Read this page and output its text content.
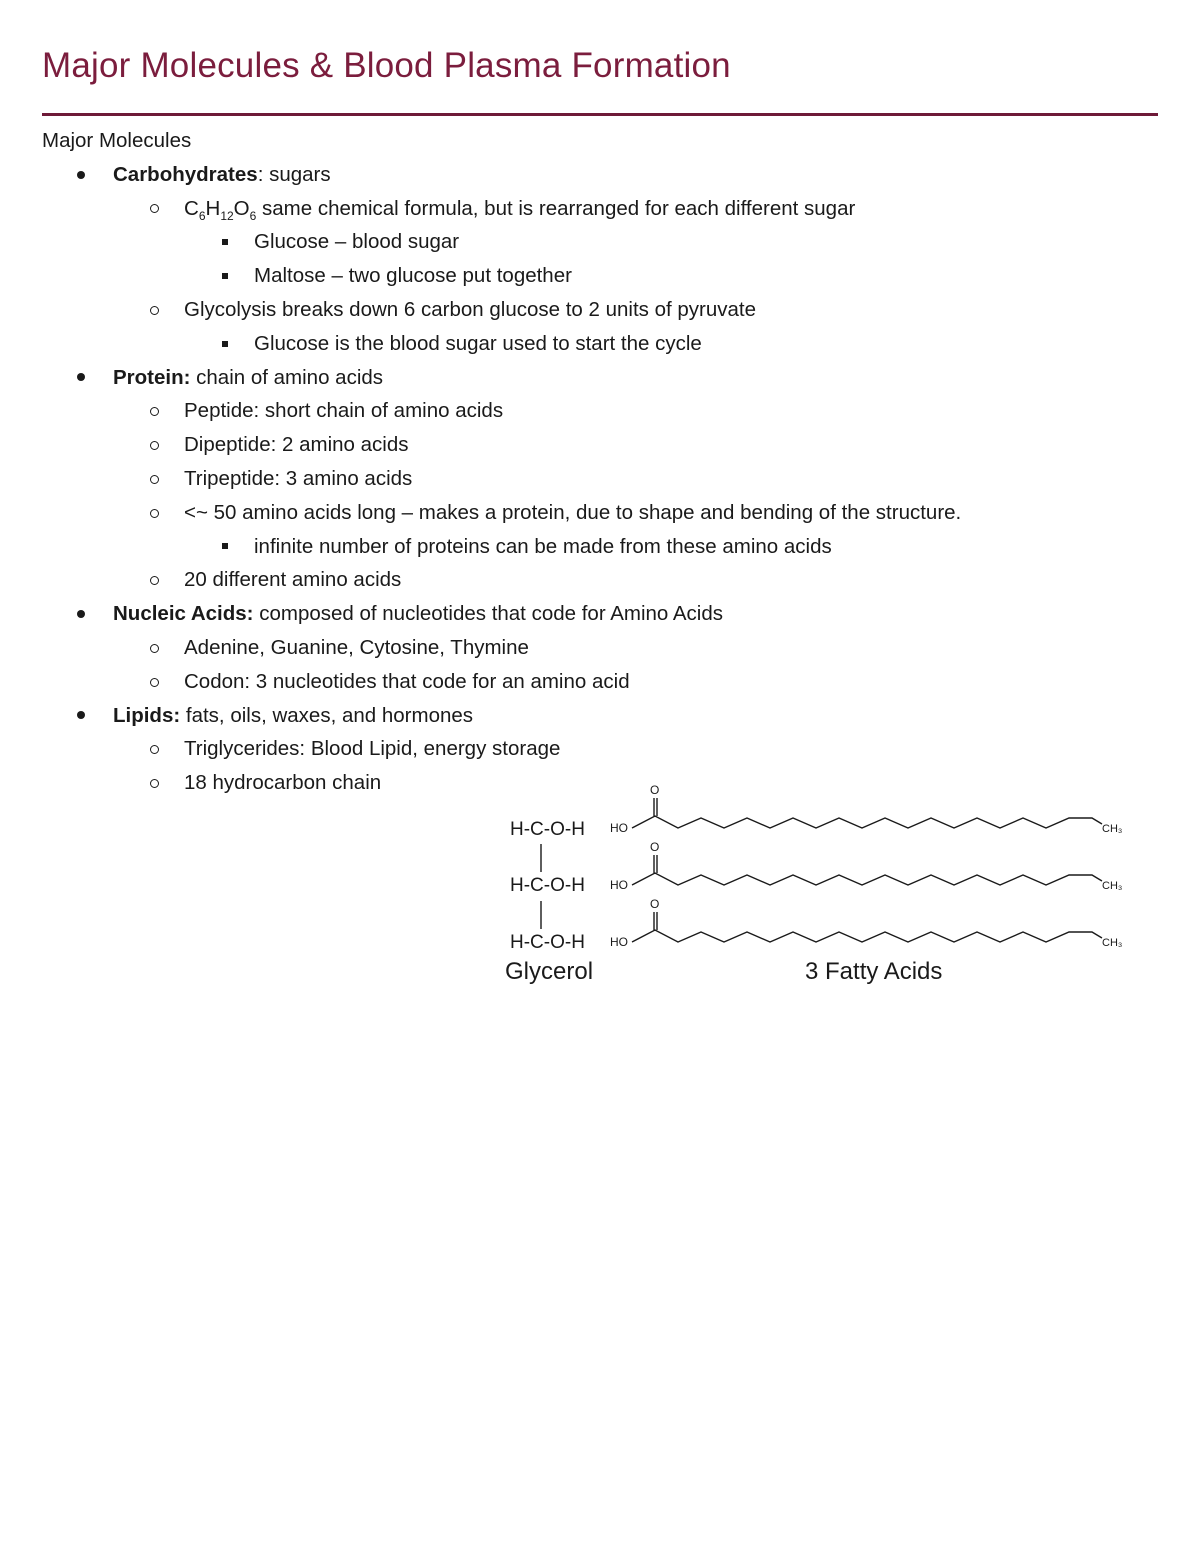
Major Molecules & Blood Plasma Formation
Major Molecules
Carbohydrates: sugars
$C_6H_{12}O_6$ same chemical formula, but is rearranged for each different sugar
Glucose – blood sugar
Maltose – two glucose put together
Glycolysis breaks down 6 carbon glucose to 2 units of pyruvate
Glucose is the blood sugar used to start the cycle
Protein: chain of amino acids
Peptide: short chain of amino acids
Dipeptide: 2 amino acids
Tripeptide: 3 amino acids
<~ 50 amino acids long – makes a protein, due to shape and bending of the structure.
infinite number of proteins can be made from these amino acids
20 different amino acids
Nucleic Acids: composed of nucleotides that code for Amino Acids
Adenine, Guanine, Cytosine, Thymine
Codon: 3 nucleotides that code for an amino acid
Lipids: fats, oils, waxes, and hormones
Triglycerides: Blood Lipid, energy storage
18 hydrocarbon chain
H-C-O-H HO
O
CH₃
H-C-O-H HO
O
CH₃
H-C-O-H HO
O
CH₃
Glycerol	3 Fatty Acids
